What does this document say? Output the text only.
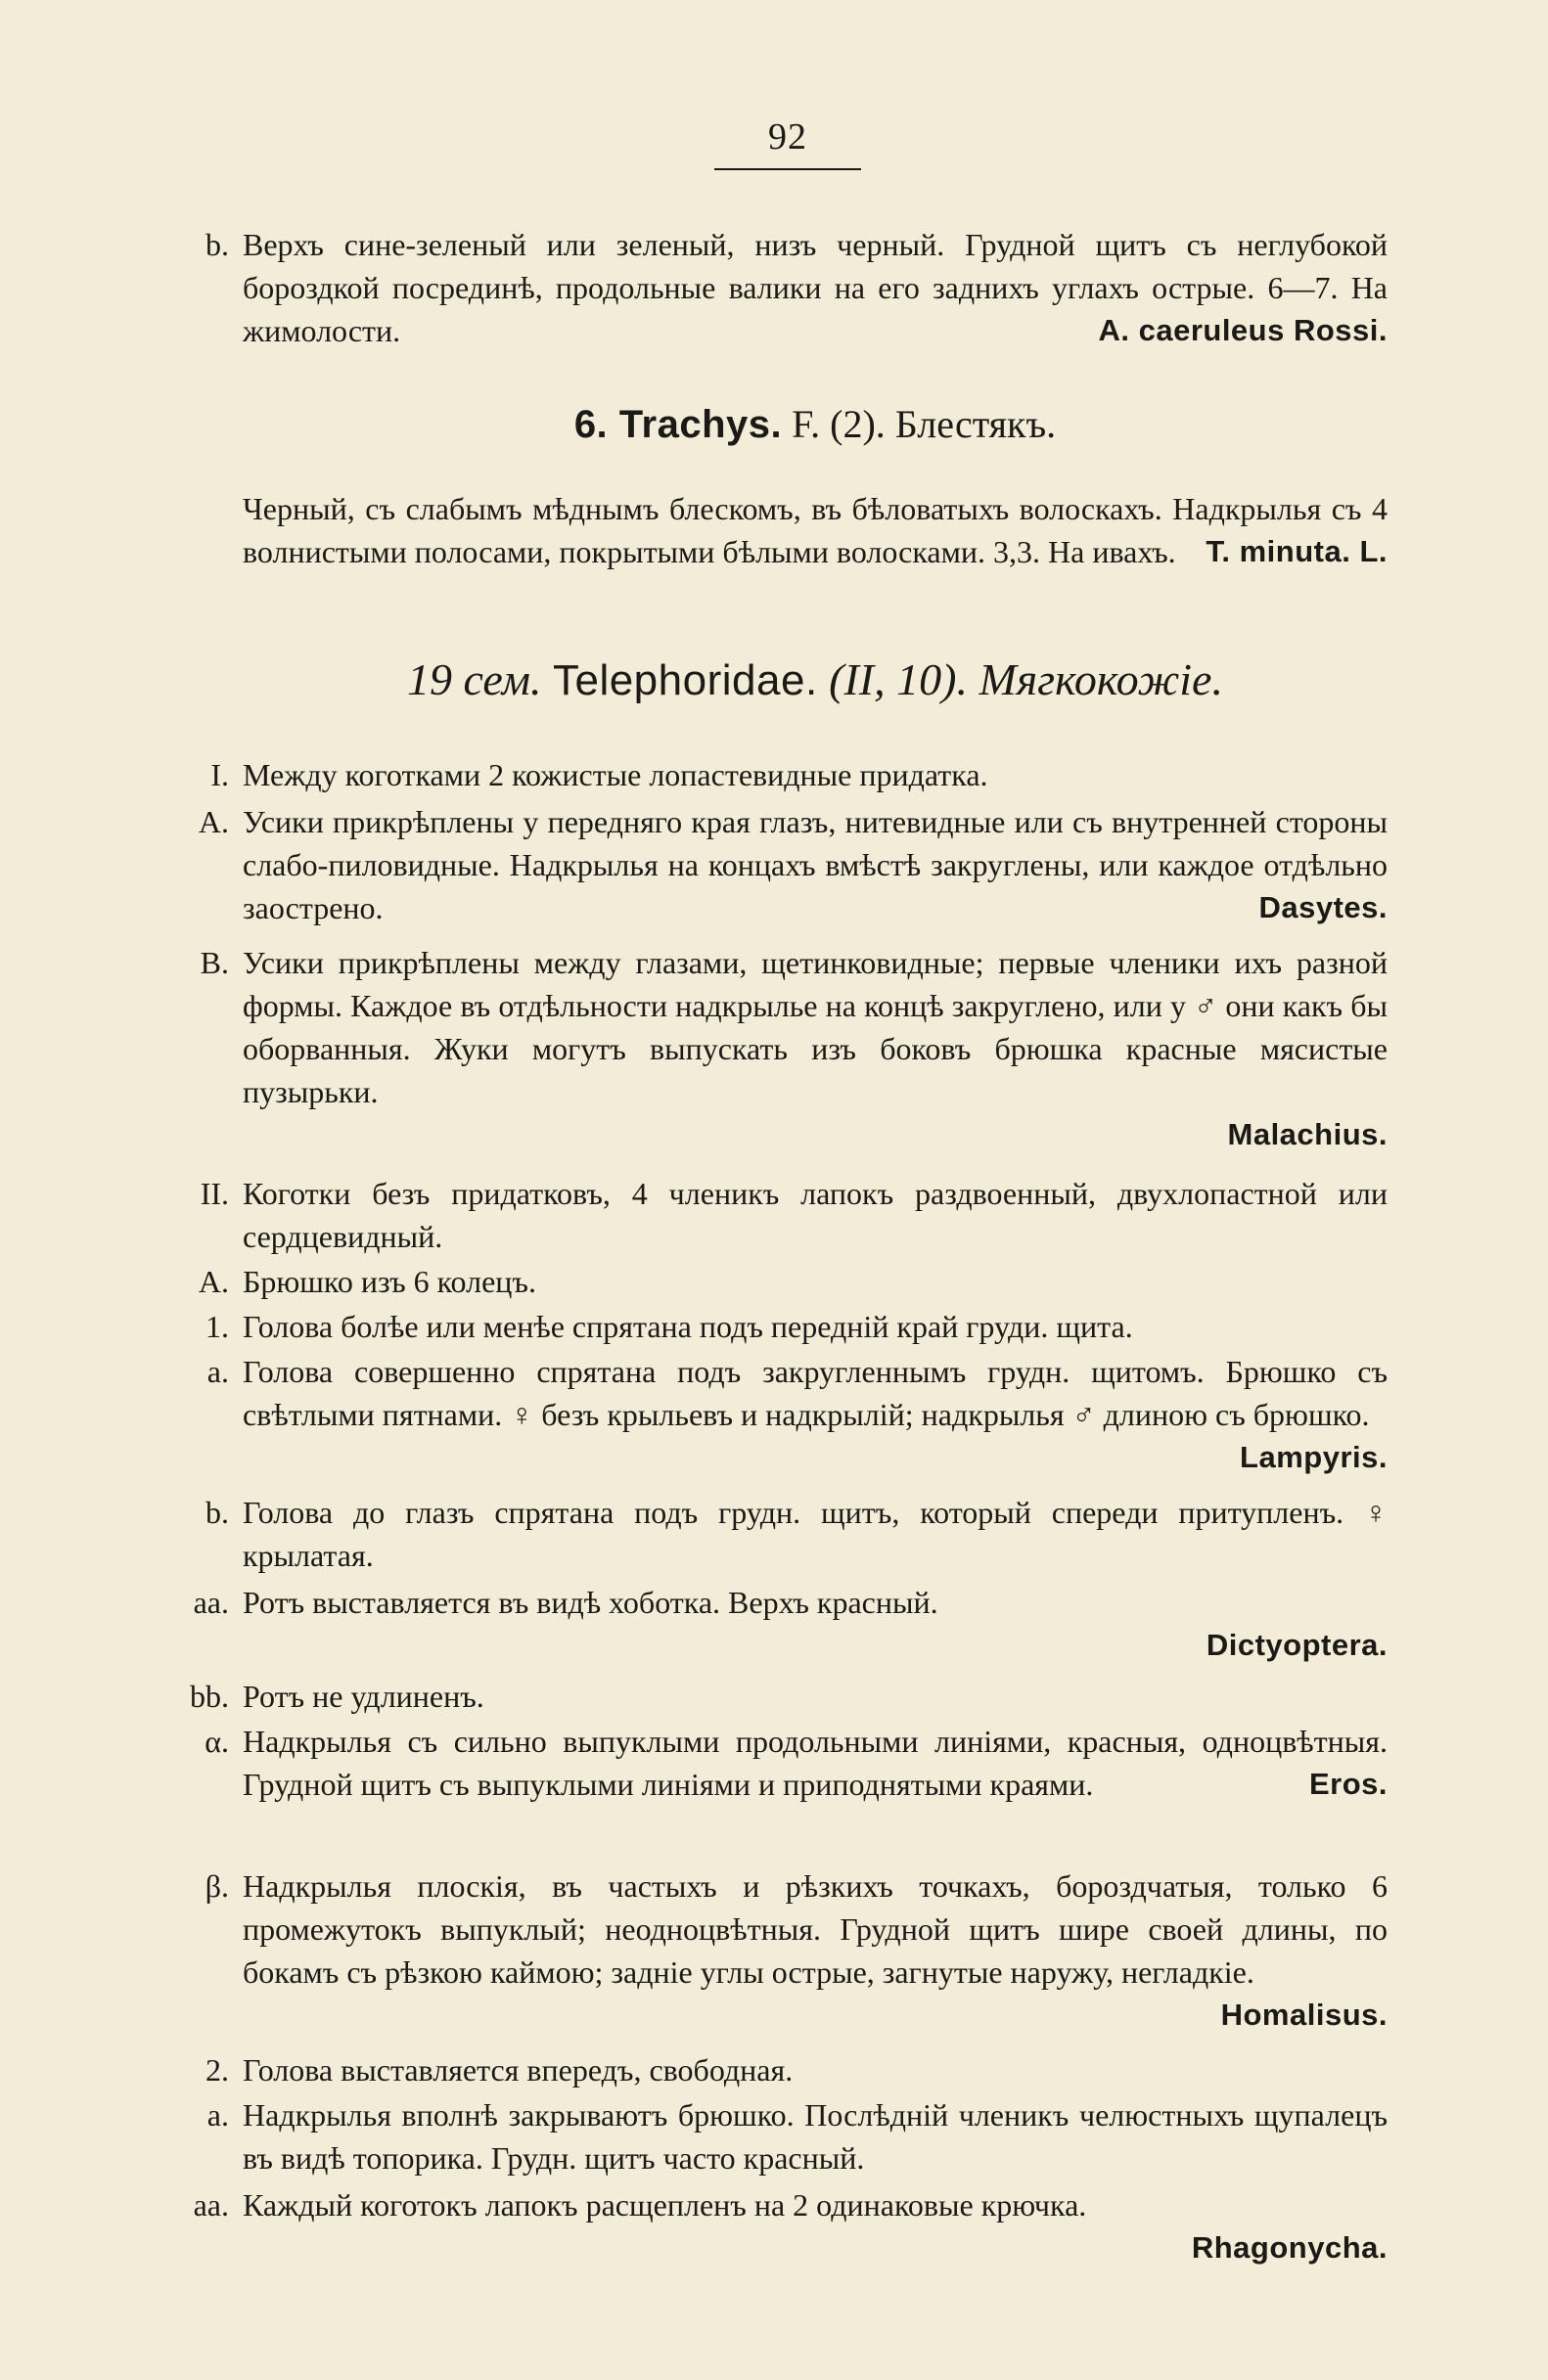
92

b. Верхъ сине-зеленый или зеленый, низъ черный. Грудной щитъ съ неглубокой бороздкой посрединѣ, продольные валики на его заднихъ углахъ острые. 6—7. На жимолости.	A. caeruleus Rossi.

6. Trachys. F. (2). Блестякъ.

Черный, съ слабымъ мѣднымъ блескомъ, въ бѣловатыхъ волоскахъ. Надкрылья съ 4 волнистыми полосами, покрытыми бѣлыми волосками. 3,3. На ивахъ. T. minuta. L.

19 сем. Telephoridae. (II, 10). Мягкокожіе.

I. Между коготками 2 кожистые лопастевидные придатка.

A. Усики прикрѣплены у передняго края глазъ, нитевидные или съ внутренней стороны слабо-пиловидные. Надкрылья на концахъ вмѣстѣ закруглены, или каждое отдѣльно заострено.	Dasytes.

B. Усики прикрѣплены между глазами, щетинковидные; первые членики ихъ разной формы. Каждое въ отдѣльности надкрылье на концѣ закруглено, или у ♂ они какъ бы оборванныя. Жуки могутъ выпускать изъ боковъ брюшка красные мясистые пузырьки.
Malachius.

II. Коготки безъ придатковъ, 4 членикъ лапокъ раздвоенный, двухлопастной или сердцевидный.

A. Брюшко изъ 6 колецъ.

1. Голова болѣе или менѣе спрятана подъ передній край груди. щита.

a. Голова совершенно спрятана подъ закругленнымъ грудн. щитомъ. Брюшко съ свѣтлыми пятнами. ♀ безъ крыльевъ и надкрылій; надкрылья ♂ длиною съ брюшко.
Lampyris.

b. Голова до глазъ спрятана подъ грудн. щитъ, который спереди притупленъ. ♀ крылатая.

aa. Ротъ выставляется въ видѣ хоботка. Верхъ красный.
Dictyoptera.

bb. Ротъ не удлиненъ.

α. Надкрылья съ сильно выпуклыми продольными линіями, красныя, одноцвѣтныя. Грудной щитъ съ выпуклыми линіями и приподнятыми краями.	Eros.

β. Надкрылья плоскія, въ частыхъ и рѣзкихъ точкахъ, бороздчатыя, только 6 промежутокъ выпуклый; неодноцвѣтныя. Грудной щитъ шире своей длины, по бокамъ съ рѣзкою каймою; задніе углы острые, загнутые наружу, негладкіе.
Homalisus.

2. Голова выставляется впередъ, свободная.

a. Надкрылья вполнѣ закрываютъ брюшко. Послѣдній членикъ челюстныхъ щупалецъ въ видѣ топорика. Грудн. щитъ часто красный.

aa. Каждый коготокъ лапокъ расщепленъ на 2 одинаковые крючка.
Rhagonycha.
